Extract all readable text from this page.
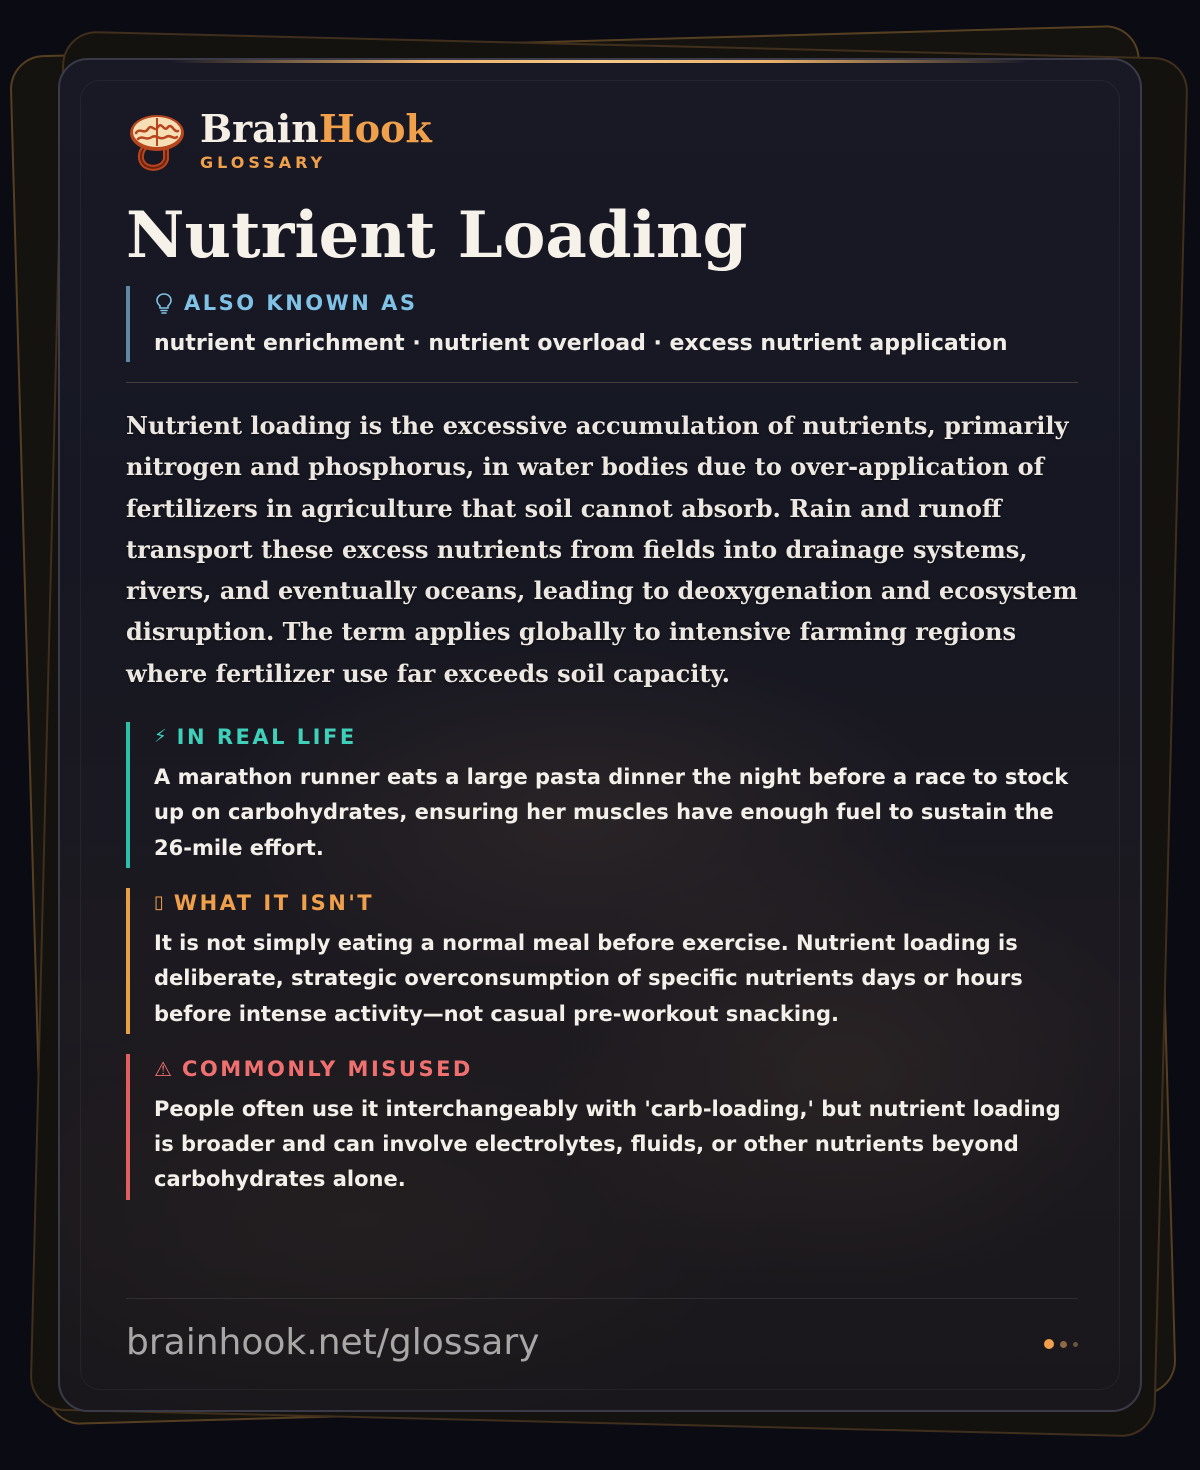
BrainHook
GLOSSARY
Nutrient Loading
ALSO KNOWN AS
nutrient enrichment · nutrient overload · excess nutrient application
Nutrient loading is the excessive accumulation of nutrients, primarily nitrogen and phosphorus, in water bodies due to over-application of fertilizers in agriculture that soil cannot absorb. Rain and runoff transport these excess nutrients from fields into drainage systems, rivers, and eventually oceans, leading to deoxygenation and ecosystem disruption. The term applies globally to intensive farming regions where fertilizer use far exceeds soil capacity.
⚡ IN REAL LIFE
A marathon runner eats a large pasta dinner the night before a race to stock up on carbohydrates, ensuring her muscles have enough fuel to sustain the 26-mile effort.
▯ WHAT IT ISN'T
It is not simply eating a normal meal before exercise. Nutrient loading is deliberate, strategic overconsumption of specific nutrients days or hours before intense activity—not casual pre-workout snacking.
⚠ COMMONLY MISUSED
People often use it interchangeably with 'carb-loading,' but nutrient loading is broader and can involve electrolytes, fluids, or other nutrients beyond carbohydrates alone.
brainhook.net/glossary
